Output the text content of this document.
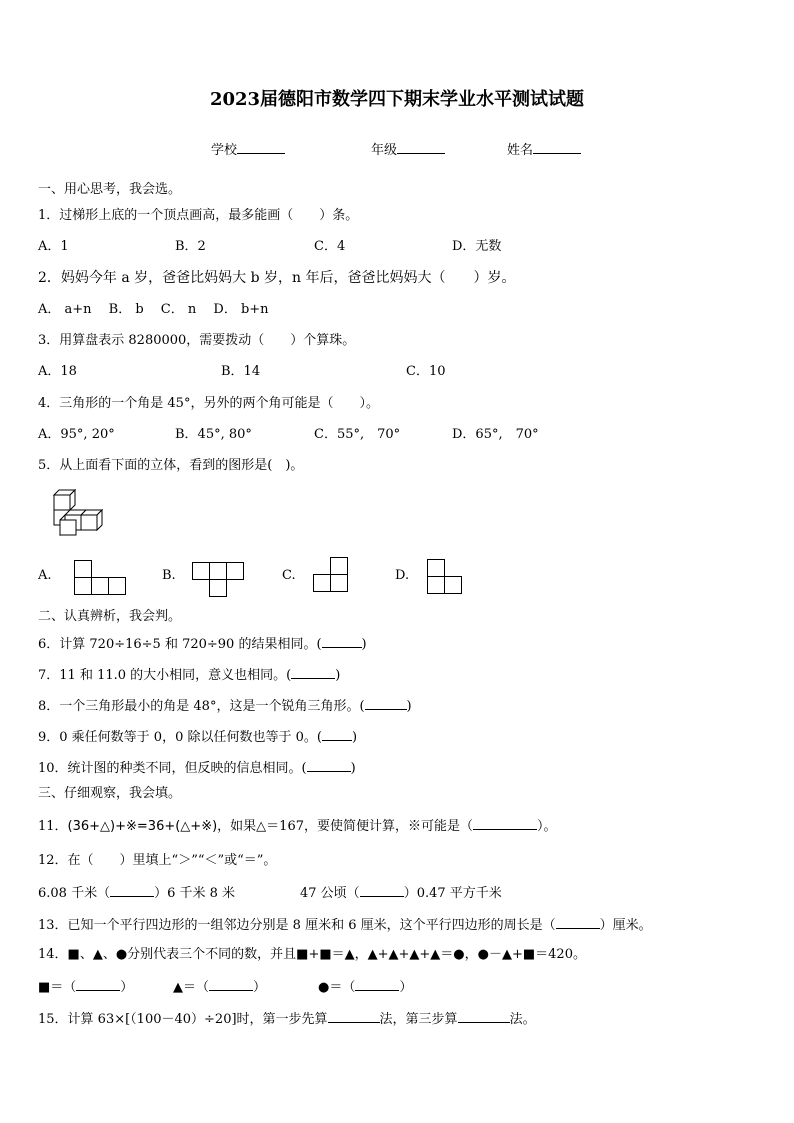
2023届德阳市数学四下期末学业水平测试试题
学校	年级	姓名
一、用心思考，我会选。
1．过梯形上底的一个顶点画高，最多能画（　　）条。
A．1	B．2	C．4	D．无数
2．妈妈今年 a 岁，爸爸比妈妈大 b 岁，n 年后，爸爸比妈妈大（　　）岁。
A． a+n　 B． b　 C． n　 D． b+n
3．用算盘表示 8280000，需要拨动（　　）个算珠。
A．18	B．14	C．10
4．三角形的一个角是 45°，另外的两个角可能是（　　）。
A．95°, 20°	B．45°, 80°	C．55°,　70°	D．65°,　70°
5．从上面看下面的立体，看到的图形是(　)。
A.	B.	C.	D.
二、认真辨析，我会判。
6．计算 720÷16÷5 和 720÷90 的结果相同。(	)
7．11 和 11.0 的大小相同，意义也相同。(	)
8．一个三角形最小的角是 48°，这是一个锐角三角形。(	)
9．0 乘任何数等于 0，0 除以任何数也等于 0。( )
10．统计图的种类不同，但反映的信息相同。(	)
三、仔细观察，我会填。
11．(36+△)+※=36+(△+※)，如果△＝167，要使简便计算，※可能是（	）。
12．在（　　）里填上“＞”“＜”或“＝”。
6.08 千米（	）6 千米 8 米	47 公顷（	）0.47 平方千米
13．已知一个平行四边形的一组邻边分别是 8 厘米和 6 厘米，这个平行四边形的周长是（	）厘米。
14．■、▲、●分别代表三个不同的数，并且■+■＝▲，▲+▲+▲+▲＝●，●－▲+■＝420。
■＝（	）	▲＝（	）	●＝（	）
15．计算 63×[（100－40）÷20]时，第一步先算	法，第三步算	法。
